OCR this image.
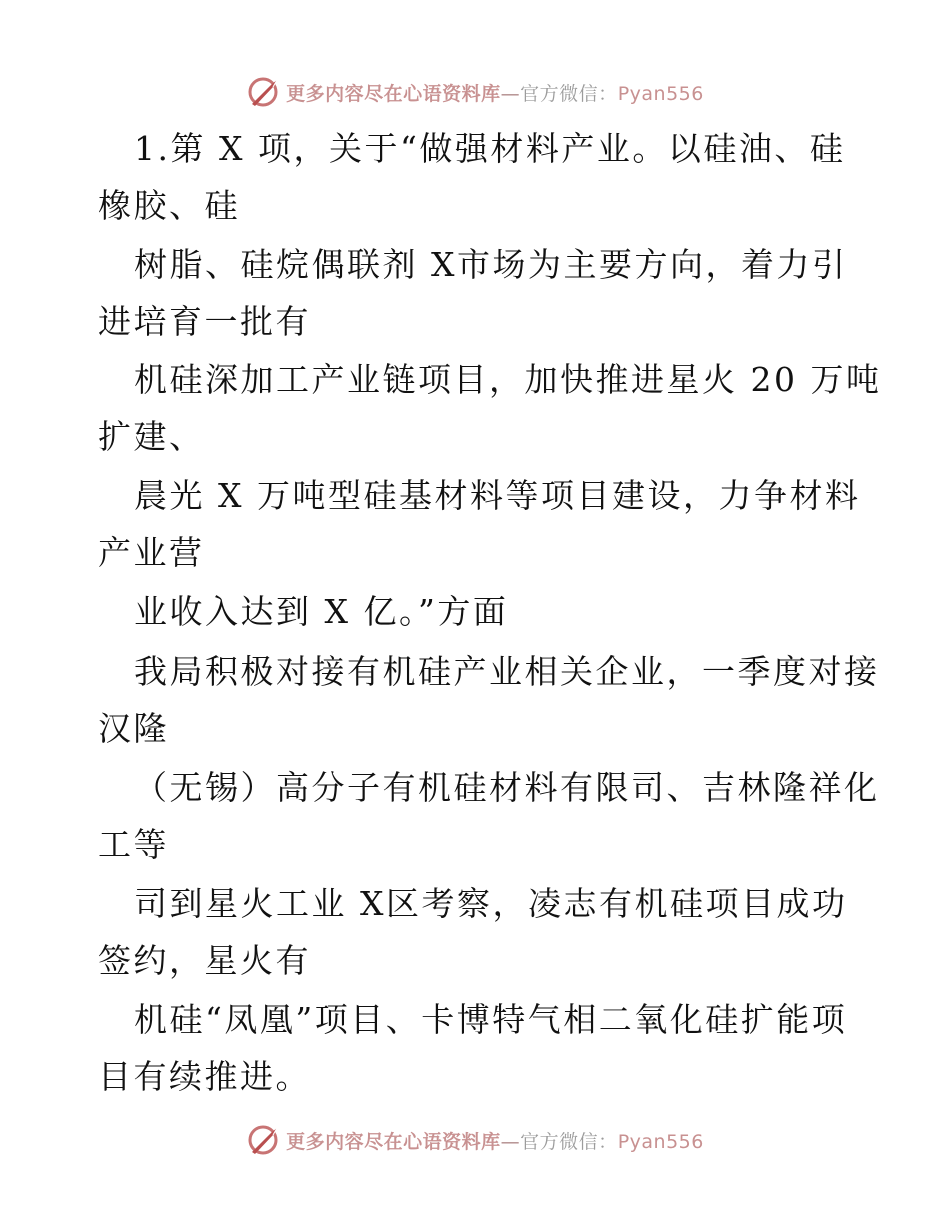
更多内容尽在心语资料库—官方微信：Pyan556
1.第 X 项，关于“做强材料产业。以硅油、硅
橡胶、硅
树脂、硅烷偶联剂 X市场为主要方向，着力引
进培育一批有
机硅深加工产业链项目，加快推进星火 20 万吨
扩建、
晨光 X 万吨型硅基材料等项目建设，力争材料
产业营
业收入达到 X 亿。”方面
我局积极对接有机硅产业相关企业，一季度对接
汉隆
（无锡）高分子有机硅材料有限司、吉林隆祥化
工等
司到星火工业 X区考察，凌志有机硅项目成功
签约，星火有
机硅“凤凰”项目、卡博特气相二氧化硅扩能项
目有续推进。
更多内容尽在心语资料库—官方微信：Pyan556
